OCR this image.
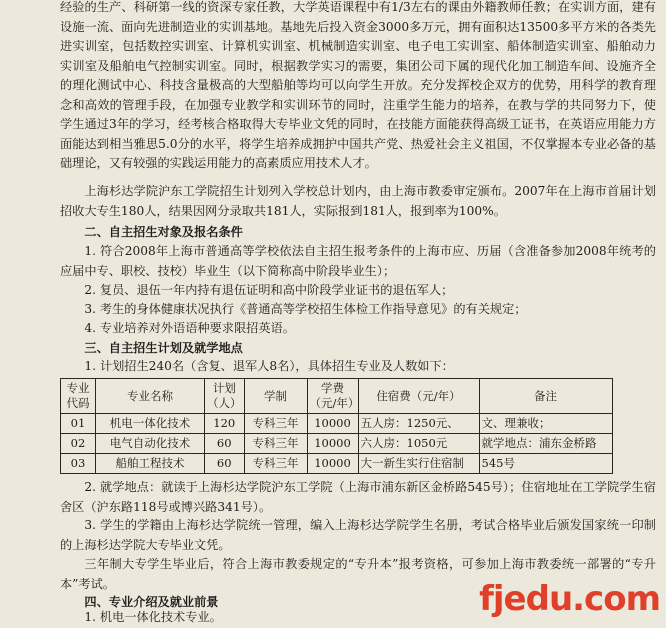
经验的生产、科研第一线的资深专家任教，大学英语课程中有1/3左右的课由外籍教师任教；在实训方面，建有设施一流、面向先进制造业的实训基地。基地先后投入资金3000多万元，拥有面积达13500多平方米的各类先进实训室，包括数控实训室、计算机实训室、机械制造实训室、电子电工实训室、船体制造实训室、船舶动力实训室及船舶电气控制实训室。同时，根据教学实习的需要，集团公司下属的现代化加工制造车间、设施齐全的理化测试中心、科技含量极高的大型船舶等均可以向学生开放。充分发挥校企双方的优势，用科学的教育理念和高效的管理手段，在加强专业教学和实训环节的同时，注重学生能力的培养，在教与学的共同努力下，使学生通过3年的学习，经考核合格取得大专毕业文凭的同时，在技能方面能获得高级工证书，在英语应用能力方面能达到相当雅思5.0分的水平，将学生培养成拥护中国共产党、热爱社会主义祖国，不仅掌握本专业必备的基础理论，又有较强的实践运用能力的高素质应用技术人才。

上海杉达学院沪东工学院招生计划列入学校总计划内，由上海市教委审定颁布。2007年在上海市首届计划招收大专生180人，结果因网分录取共181人，实际报到181人，报到率为100%。

二、自主招生对象及报名条件

1. 符合2008年上海市普通高等学校依法自主招生报考条件的上海市应、历届（含准备参加2008年统考的应届中专、职校、技校）毕业生（以下简称高中阶段毕业生）；

2. 复员、退伍一年内持有退伍证明和高中阶段学业证书的退伍军人；

3. 考生的身体健康状况执行《普通高等学校招生体检工作指导意见》的有关规定；

4. 专业培养对外语语种要求限招英语。

三、自主招生计划及就学地点

1. 计划招生240名（含复、退军人8名），具体招生专业及人数如下：

专业代码	专业名称	计划（人）	学制	学费（元/年）	住宿费（元/年）	备注
01	机电一体化技术	120	专科三年	10000	五人房：1250元、	文、理兼收；
02	电气自动化技术	60	专科三年	10000	六人房：1050元	就学地点：浦东金桥路
03	船舶工程技术	60	专科三年	10000	大一新生实行住宿制	545号

2. 就学地点：就读于上海杉达学院沪东工学院（上海市浦东新区金桥路545号）；住宿地址在工学院学生宿舍区（沪东路118号或博兴路341号）。

3. 学生的学籍由上海杉达学院统一管理，编入上海杉达学院学生名册，考试合格毕业后颁发国家统一印制的上海杉达学院大专毕业文凭。

三年制大专学生毕业后，符合上海市教委规定的“专升本”报考资格，可参加上海市教委统一部署的“专升本”考试。

四、专业介绍及就业前景

1. 机电一体化技术专业。	fjedu.com
